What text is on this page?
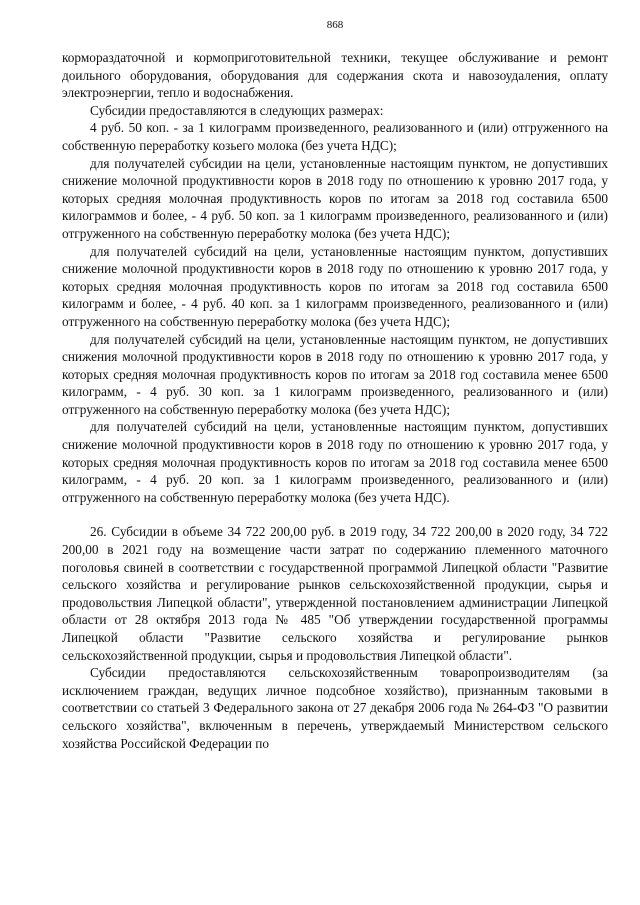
868

кормораздаточной и кормоприготовительной техники, текущее обслуживание и ремонт доильного оборудования, оборудования для содержания скота и навозоудаления, оплату электроэнергии, тепло и водоснабжения.

Субсидии предоставляются в следующих размерах:

4 руб. 50 коп. - за 1 килограмм произведенного, реализованного и (или) отгруженного на собственную переработку козьего молока (без учета НДС);

для получателей субсидии на цели, установленные настоящим пунктом, не допустивших снижение молочной продуктивности коров в 2018 году по отношению к уровню 2017 года, у которых средняя молочная продуктивность коров по итогам за 2018 год составила 6500 килограммов и более, - 4 руб. 50 коп. за 1 килограмм произведенного, реализованного и (или) отгруженного на собственную переработку молока (без учета НДС);

для получателей субсидий на цели, установленные настоящим пунктом, допустивших снижение молочной продуктивности коров в 2018 году по отношению к уровню 2017 года, у которых средняя молочная продуктивность коров по итогам за 2018 год составила 6500 килограмм и более, - 4 руб. 40 коп. за 1 килограмм произведенного, реализованного и (или) отгруженного на собственную переработку молока (без учета НДС);

для получателей субсидий на цели, установленные настоящим пунктом, не допустивших снижения молочной продуктивности коров в 2018 году по отношению к уровню 2017 года, у которых средняя молочная продуктивность коров по итогам за 2018 год составила менее 6500 килограмм, - 4 руб. 30 коп. за 1 килограмм произведенного, реализованного и (или) отгруженного на собственную переработку молока (без учета НДС);

для получателей субсидий на цели, установленные настоящим пунктом, допустивших снижение молочной продуктивности коров в 2018 году по отношению к уровню 2017 года, у которых средняя молочная продуктивность коров по итогам за 2018 год составила менее 6500 килограмм, - 4 руб. 20 коп. за 1 килограмм произведенного, реализованного и (или) отгруженного на собственную переработку молока (без учета НДС).

26. Субсидии в объеме 34 722 200,00 руб. в 2019 году, 34 722 200,00 в 2020 году, 34 722 200,00 в 2021 году на возмещение части затрат по содержанию племенного маточного поголовья свиней в соответствии с государственной программой Липецкой области "Развитие сельского хозяйства и регулирование рынков сельскохозяйственной продукции, сырья и продовольствия Липецкой области", утвержденной постановлением администрации Липецкой области от 28 октября 2013 года № 485 "Об утверждении государственной программы Липецкой области "Развитие сельского хозяйства и регулирование рынков сельскохозяйственной продукции, сырья и продовольствия Липецкой области".

Субсидии предоставляются сельскохозяйственным товаропроизводителям (за исключением граждан, ведущих личное подсобное хозяйство), признанным таковыми в соответствии со статьей 3 Федерального закона от 27 декабря 2006 года № 264-ФЗ "О развитии сельского хозяйства", включенным в перечень, утверждаемый Министерством сельского хозяйства Российской Федерации по
